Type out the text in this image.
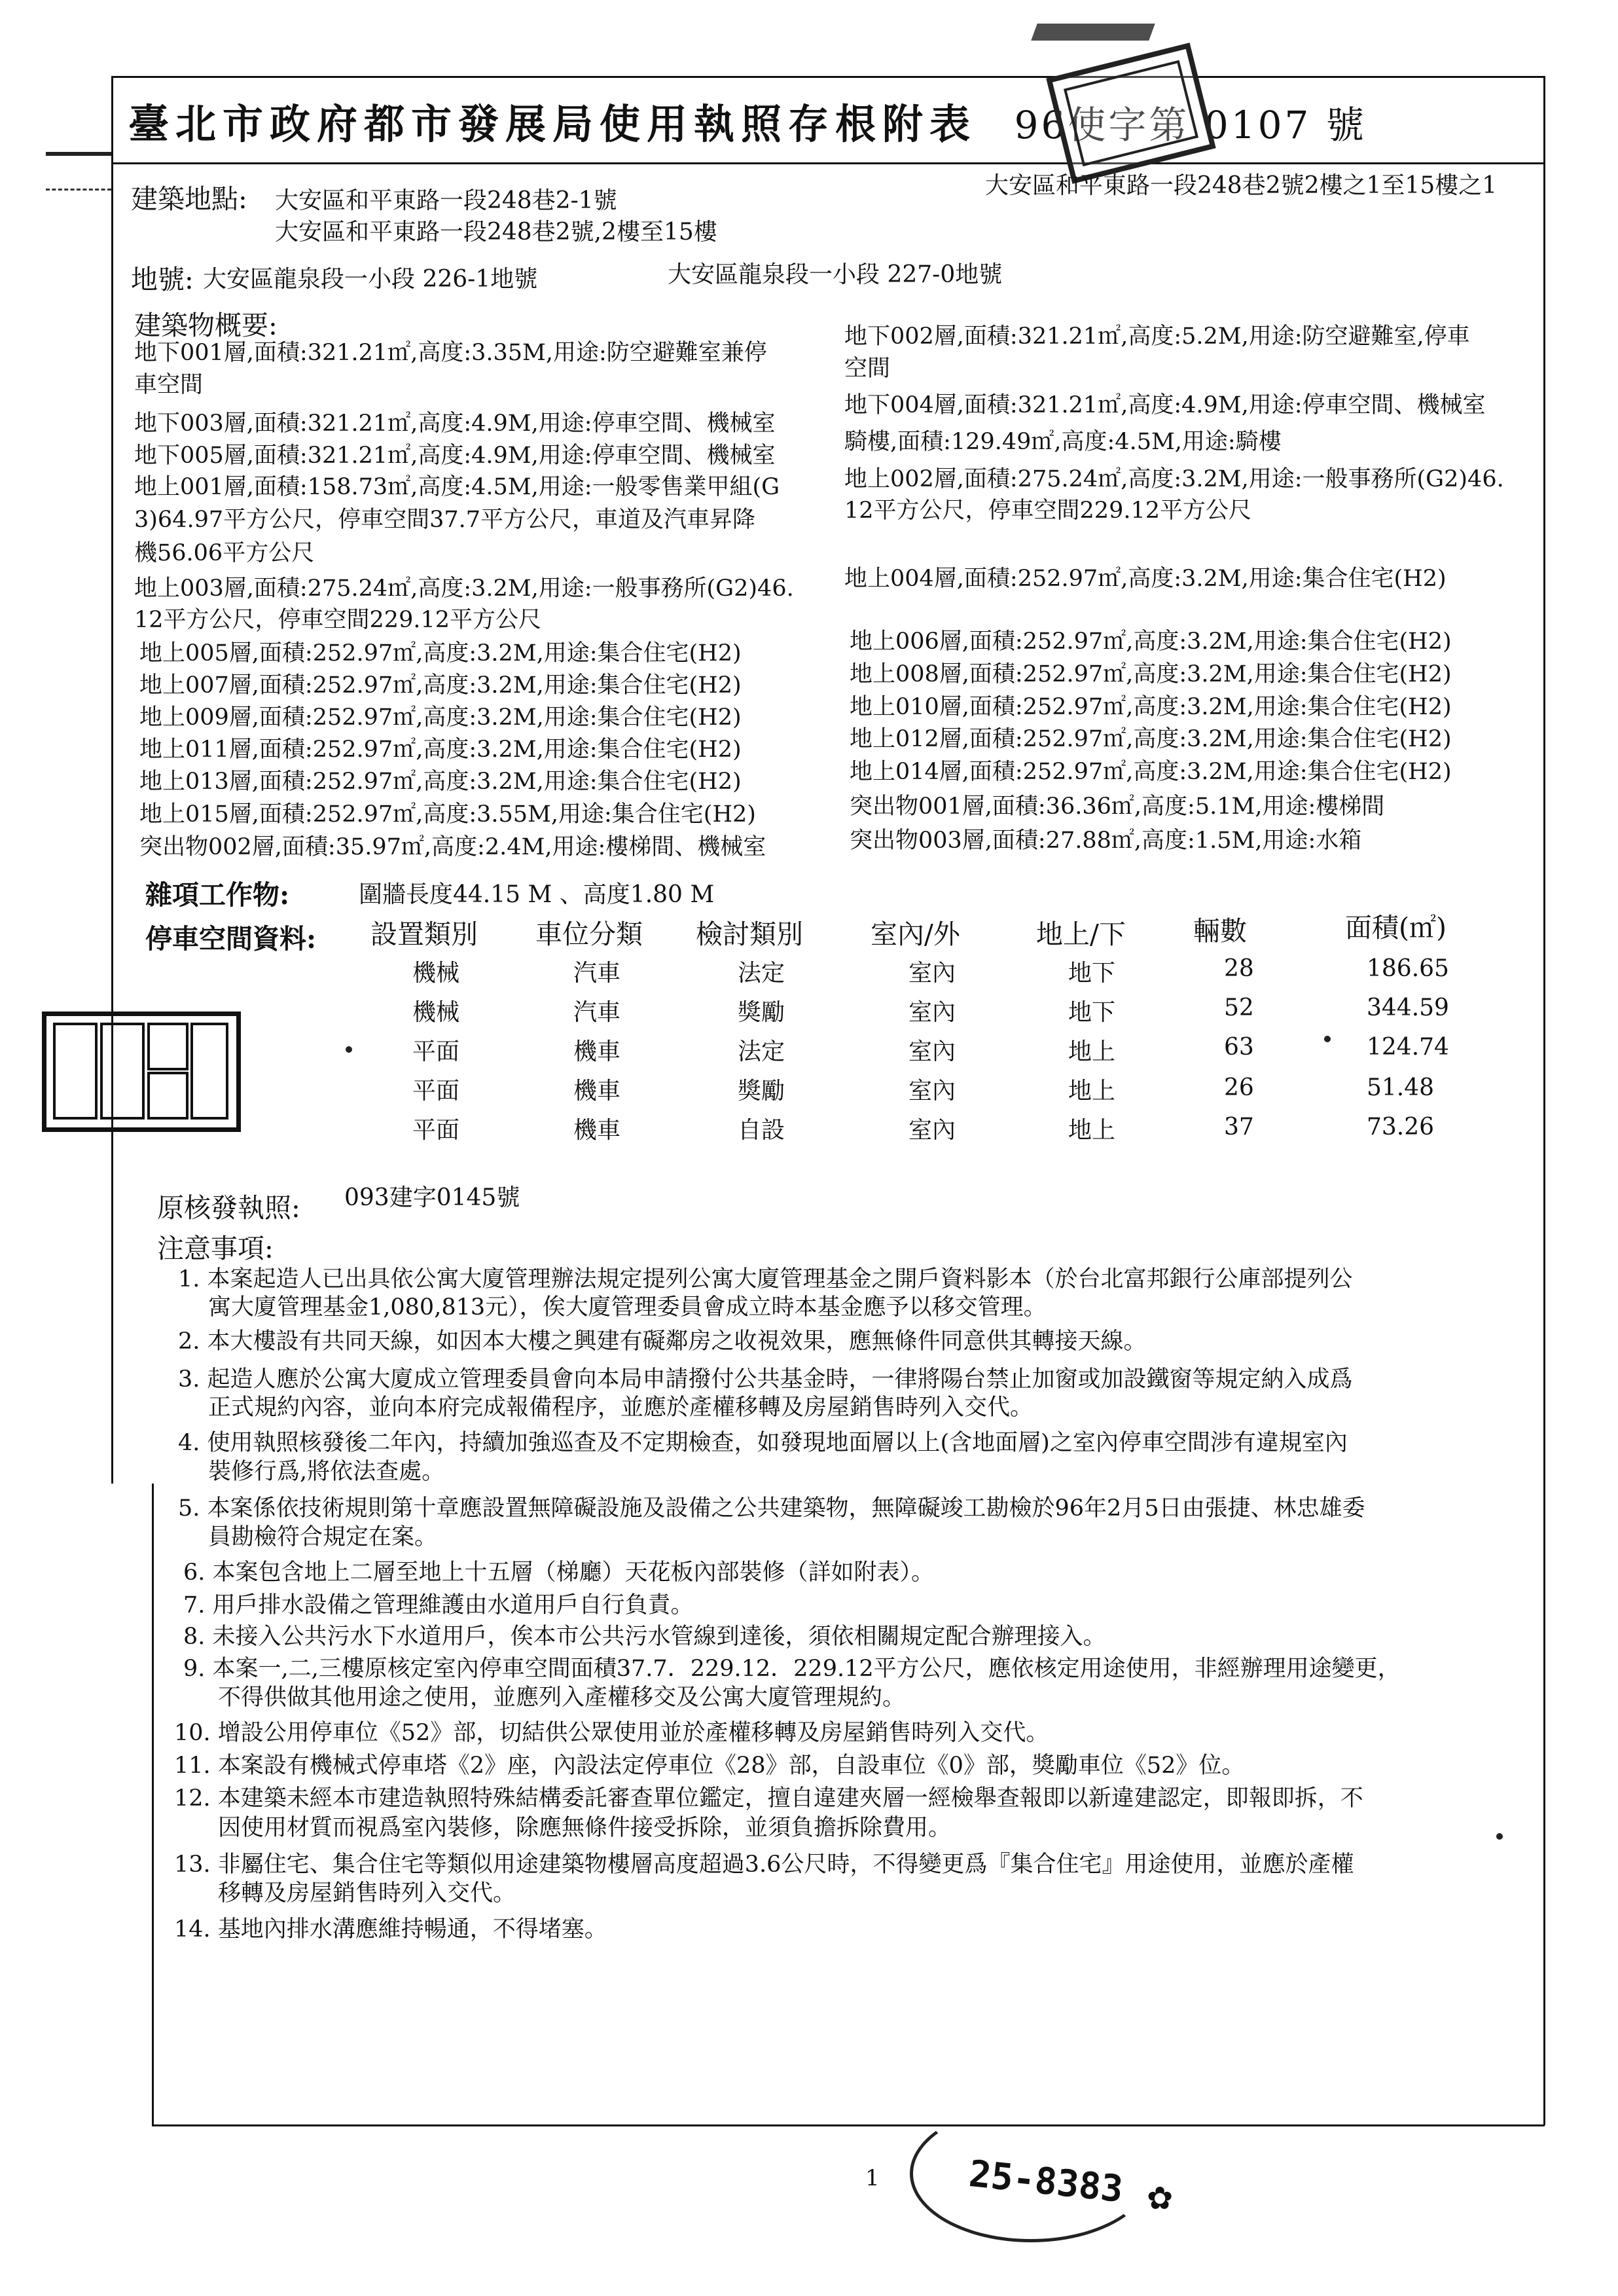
臺北市政府都市發展局使用執照存根附表 96使字第 0107 號
建築地點: 大安區和平東路一段248巷2-1號
大安區和平東路一段248巷2號,2樓至15樓
大安區和平東路一段248巷2號2樓之1至15樓之1
地號: 大安區龍泉段一小段 226-1地號	大安區龍泉段一小段 227-0地號
建築物概要:
地下001層,面積:321.21㎡,高度:3.35M,用途:防空避難室兼停
車空間
地下003層,面積:321.21㎡,高度:4.9M,用途:停車空間、機械室
地下005層,面積:321.21㎡,高度:4.9M,用途:停車空間、機械室
地上001層,面積:158.73㎡,高度:4.5M,用途:一般零售業甲組(G
3)64.97平方公尺，停車空間37.7平方公尺，車道及汽車昇降
機56.06平方公尺
地上003層,面積:275.24㎡,高度:3.2M,用途:一般事務所(G2)46.
12平方公尺，停車空間229.12平方公尺
地上005層,面積:252.97㎡,高度:3.2M,用途:集合住宅(H2)
地上007層,面積:252.97㎡,高度:3.2M,用途:集合住宅(H2)
地上009層,面積:252.97㎡,高度:3.2M,用途:集合住宅(H2)
地上011層,面積:252.97㎡,高度:3.2M,用途:集合住宅(H2)
地上013層,面積:252.97㎡,高度:3.2M,用途:集合住宅(H2)
地上015層,面積:252.97㎡,高度:3.55M,用途:集合住宅(H2)
突出物002層,面積:35.97㎡,高度:2.4M,用途:樓梯間、機械室
地下002層,面積:321.21㎡,高度:5.2M,用途:防空避難室,停車
空間
地下004層,面積:321.21㎡,高度:4.9M,用途:停車空間、機械室
騎樓,面積:129.49㎡,高度:4.5M,用途:騎樓
地上002層,面積:275.24㎡,高度:3.2M,用途:一般事務所(G2)46.
12平方公尺，停車空間229.12平方公尺
地上004層,面積:252.97㎡,高度:3.2M,用途:集合住宅(H2)
地上006層,面積:252.97㎡,高度:3.2M,用途:集合住宅(H2)
地上008層,面積:252.97㎡,高度:3.2M,用途:集合住宅(H2)
地上010層,面積:252.97㎡,高度:3.2M,用途:集合住宅(H2)
地上012層,面積:252.97㎡,高度:3.2M,用途:集合住宅(H2)
地上014層,面積:252.97㎡,高度:3.2M,用途:集合住宅(H2)
突出物001層,面積:36.36㎡,高度:5.1M,用途:樓梯間
突出物003層,面積:27.88㎡,高度:1.5M,用途:水箱
雜項工作物:	圍牆長度44.15 M 、高度1.80 M
停車空間資料: 設置類別 車位分類 檢討類別	室內/外	地上/下	輛數	面積(㎡)
機械	汽車	法定	室內	地下	28	186.65
機械	汽車	獎勵	室內	地下	52	344.59
平面	機車	法定	室內	地上	63	124.74
平面	機車	獎勵	室內	地上	26	51.48
平面	機車	自設	室內	地上	37	73.26
原核發執照: 093建字0145號
注意事項:
1. 本案起造人已出具依公寓大廈管理辦法規定提列公寓大廈管理基金之開戶資料影本（於台北富邦銀行公庫部提列公
寓大廈管理基金1,080,813元），俟大廈管理委員會成立時本基金應予以移交管理。
2. 本大樓設有共同天線，如因本大樓之興建有礙鄰房之收視效果，應無條件同意供其轉接天線。
3. 起造人應於公寓大廈成立管理委員會向本局申請撥付公共基金時，一律將陽台禁止加窗或加設鐵窗等規定納入成爲
正式規約內容，並向本府完成報備程序，並應於產權移轉及房屋銷售時列入交代。
4. 使用執照核發後二年內，持續加強巡查及不定期檢查，如發現地面層以上(含地面層)之室內停車空間涉有違規室內
裝修行爲,將依法查處。
5. 本案係依技術規則第十章應設置無障礙設施及設備之公共建築物，無障礙竣工勘檢於96年2月5日由張捷、林忠雄委
員勘檢符合規定在案。
6. 本案包含地上二層至地上十五層（梯廳）天花板內部裝修（詳如附表）。
7. 用戶排水設備之管理維護由水道用戶自行負責。
8. 未接入公共污水下水道用戶，俟本市公共污水管線到達後，須依相關規定配合辦理接入。
9. 本案一,二,三樓原核定室內停車空間面積37.7．229.12．229.12平方公尺，應依核定用途使用，非經辦理用途變更，
不得供做其他用途之使用，並應列入產權移交及公寓大廈管理規約。
10. 增設公用停車位《52》部，切結供公眾使用並於產權移轉及房屋銷售時列入交代。
11. 本案設有機械式停車塔《2》座，內設法定停車位《28》部，自設車位《0》部，獎勵車位《52》位。
12. 本建築未經本市建造執照特殊結構委託審查單位鑑定，擅自違建夾層一經檢舉查報即以新違建認定，即報即拆，不
因使用材質而視爲室內裝修，除應無條件接受拆除，並須負擔拆除費用。
13. 非屬住宅、集合住宅等類似用途建築物樓層高度超過3.6公尺時，不得變更爲『集合住宅』用途使用，並應於產權
移轉及房屋銷售時列入交代。
14. 基地內排水溝應維持暢通，不得堵塞。
1 25-8383 ✿
